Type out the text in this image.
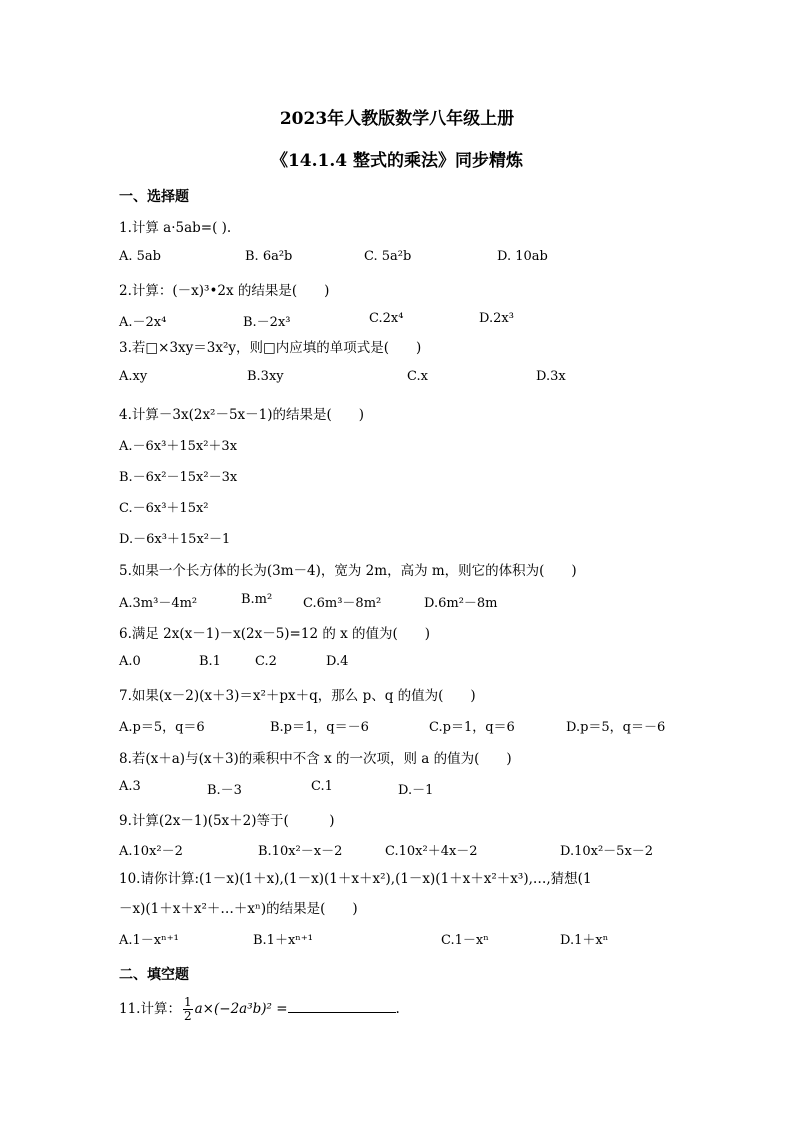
2023年人教版数学八年级上册
《14.1.4 整式的乘法》同步精炼
一、选择题
1.计算 a·5ab=( ).
A. 5ab	B. 6a²b	C. 5a²b	D. 10ab
2.计算：(－x)³•2x 的结果是(　　)
A.－2x⁴	B.－2x³	C.2x⁴	D.2x³
3.若□×3xy＝3x²y，则□内应填的单项式是(　　)
A.xy	B.3xy	C.x	D.3x
4.计算－3x(2x²－5x－1)的结果是(　　)
A.－6x³＋15x²＋3x
B.－6x²－15x²－3x
C.－6x³＋15x²
D.－6x³＋15x²－1
5.如果一个长方体的长为(3m－4)，宽为 2m，高为 m，则它的体积为(　　)
A.3m³－4m²	B.m² C.6m³－8m²	D.6m²－8m
6.满足 2x(x－1)－x(2x－5)=12 的 x 的值为(　　)
A.0	B.1	C.2	D.4
7.如果(x－2)(x＋3)＝x²＋px＋q，那么 p、q 的值为(　　)
A.p＝5，q＝6	B.p＝1，q＝－6	C.p＝1，q＝6	D.p＝5，q＝－6
8.若(x＋a)与(x＋3)的乘积中不含 x 的一次项，则 a 的值为(　　)
A.3	B.－3	C.1	D.－1
9.计算(2x－1)(5x＋2)等于(　　　)
A.10x²－2	B.10x²－x－2	C.10x²＋4x－2	D.10x²－5x－2
10.请你计算:(1－x)(1＋x),(1－x)(1＋x＋x²),(1－x)(1＋x＋x²＋x³),…,猜想(1
－x)(1＋x＋x²＋…＋xⁿ)的结果是(　　)
A.1－xⁿ⁺¹	B.1＋xⁿ⁺¹	C.1－xⁿ	D.1＋xⁿ
二、填空题
11.计算： $\frac{1}{2} a\times(-2a^3b)^2$ =	.
